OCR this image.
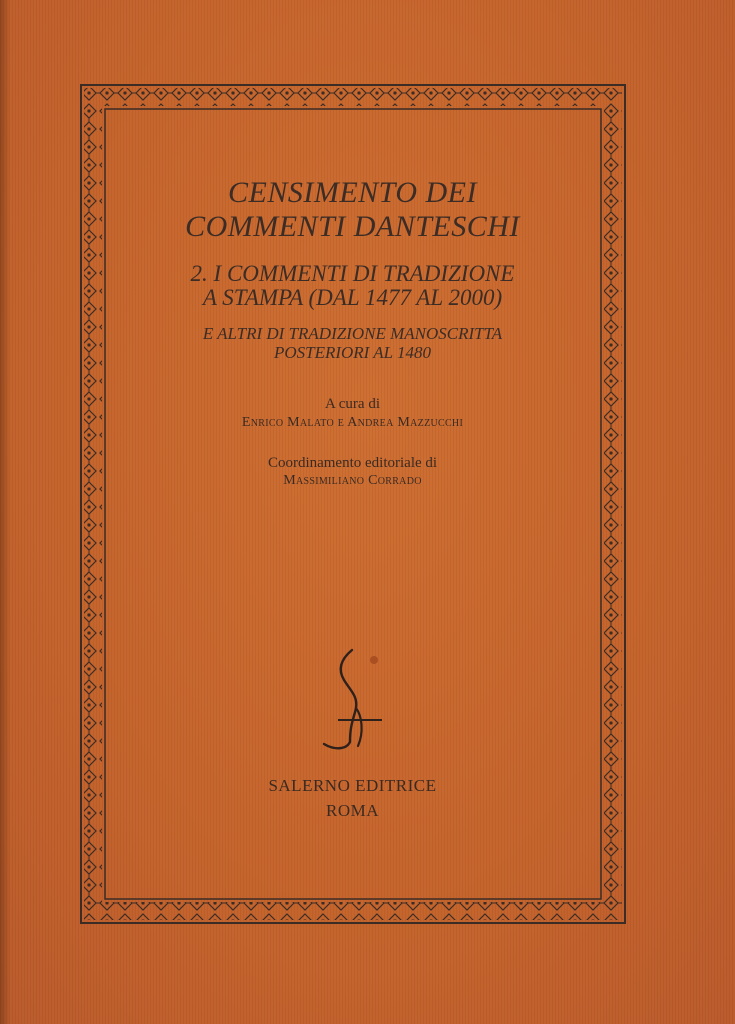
CENSIMENTO DEI
COMMENTI DANTESCHI
2. I COMMENTI DI TRADIZIONE
A STAMPA (DAL 1477 AL 2000)
E ALTRI DI TRADIZIONE MANOSCRITTA
POSTERIORI AL 1480
A cura di
Enrico Malato e Andrea Mazzucchi
Coordinamento editoriale di
Massimiliano Corrado
SALERNO EDITRICE
ROMA
